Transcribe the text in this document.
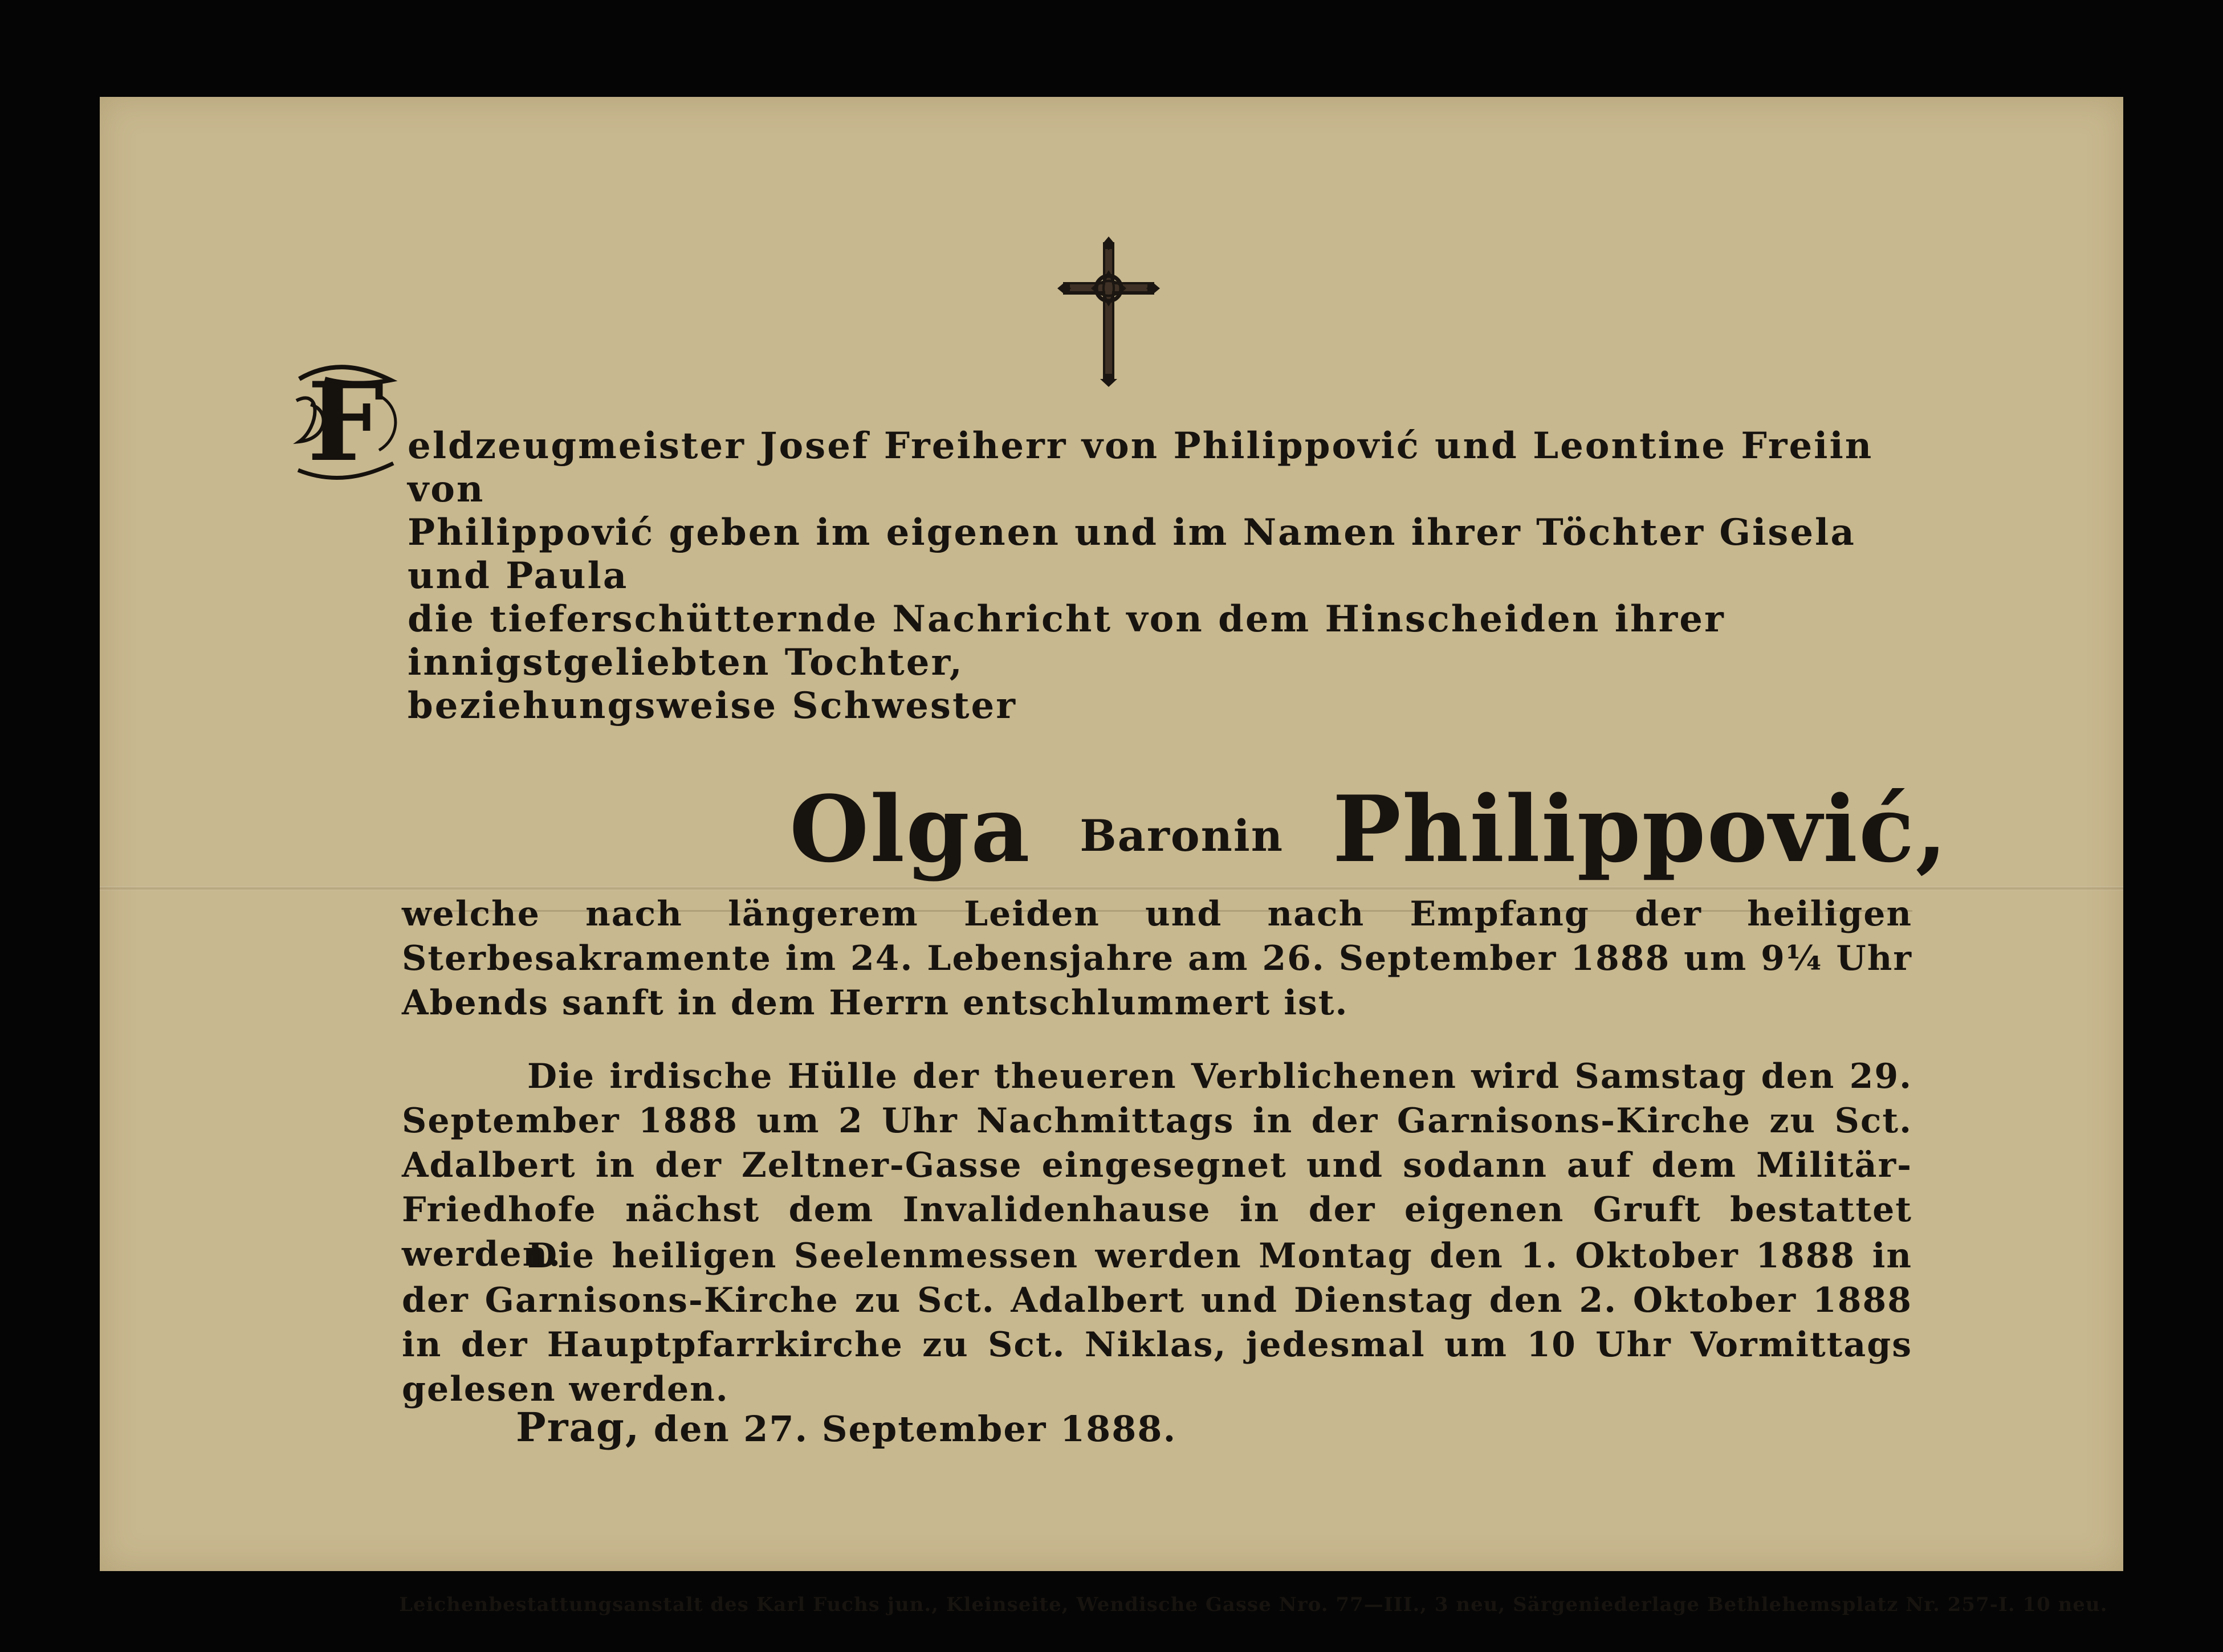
F eldzeugmeister Josef Freiherr von Philippović und Leontine Freiin von
Philippović geben im eigenen und im Namen ihrer Töchter Gisela und Paula
die tieferschütternde Nachricht von dem Hinscheiden ihrer innigstgeliebten Tochter,
beziehungsweise Schwester
Olga Baronin Philippović,
welche nach längerem Leiden und nach Empfang der heiligen Sterbesakramente im 24. Lebensjahre am 26. September 1888 um 9¼ Uhr Abends sanft in dem Herrn entschlummert ist.
Die irdische Hülle der theueren Verblichenen wird Samstag den 29. September 1888 um 2 Uhr Nachmittags in der Garnisons-Kirche zu Sct. Adalbert in der Zeltner-Gasse eingesegnet und sodann auf dem Militär-Friedhofe nächst dem Invalidenhause in der eigenen Gruft bestattet werden.
Die heiligen Seelenmessen werden Montag den 1. Oktober 1888 in der Garnisons-Kirche zu Sct. Adalbert und Dienstag den 2. Oktober 1888 in der Hauptpfarrkirche zu Sct. Niklas, jedesmal um 10 Uhr Vormittags gelesen werden.
Prag, den 27. September 1888.
Leichenbestattungsanstalt des Karl Fuchs jun., Kleinseite, Wendische Gasse Nro. 77—III., 3 neu, Särgeniederlage Bethlehemsplatz Nr. 257-I. 10 neu.
